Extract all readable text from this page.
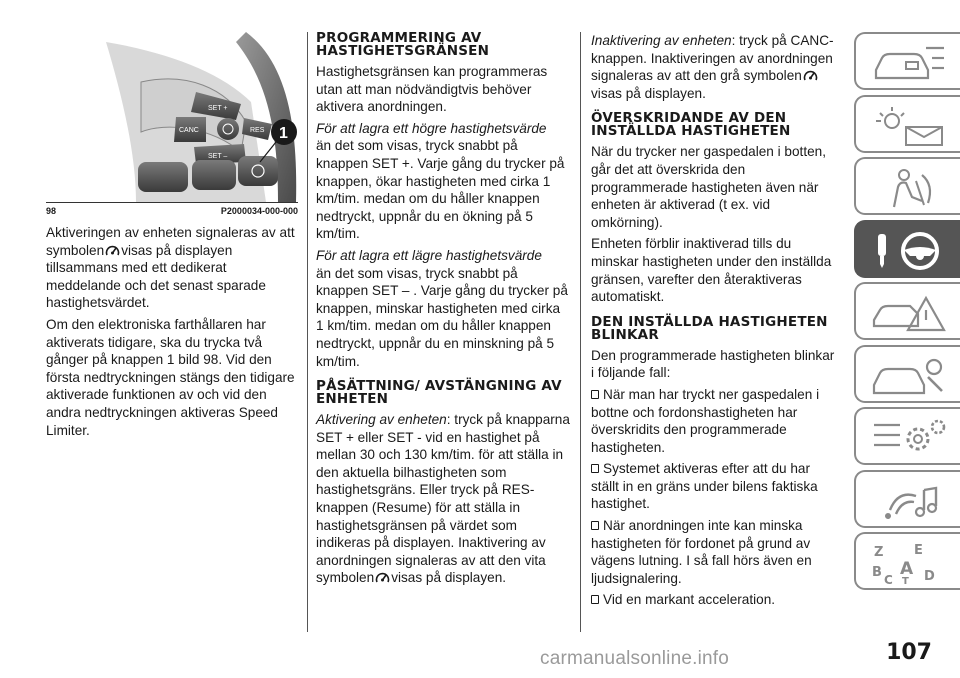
SET +
CANC	RES
SET –
1
98	P2000034-000-000

Aktiveringen av enheten signaleras av att symbolen visas på displayen tillsammans med ett dedikerat meddelande och det senast sparade hastighetsvärdet.

Om den elektroniska farthållaren har aktiverats tidigare, ska du trycka två gånger på knappen 1 bild 98. Vid den första nedtryckningen stängs den tidigare aktiverade funktionen av och vid den andra nedtryckningen aktiveras Speed Limiter.

PROGRAMMERING AV HASTIGHETSGRÄNSEN

Hastighetsgränsen kan programmeras utan att man nödvändigtvis behöver aktivera anordningen.

För att lagra ett högre hastighetsvärde

än det som visas, tryck snabbt på knappen SET +. Varje gång du trycker på knappen, ökar hastigheten med cirka 1 km/tim. medan om du håller knappen nedtryckt, uppnår du en ökning på 5 km/tim.

För att lagra ett lägre hastighetsvärde

än det som visas, tryck snabbt på knappen SET – . Varje gång du trycker på knappen, minskar hastigheten med cirka 1 km/tim. medan om du håller knappen nedtryckt, uppnår du en minskning på 5 km/tim.

PÅSÄTTNING/ AVSTÄNGNING AV ENHETEN

Aktivering av enheten: tryck på knapparna SET + eller SET - vid en hastighet på mellan 30 och 130 km/tim. för att ställa in den aktuella bilhastigheten som hastighetsgräns. Eller tryck på RES-knappen (Resume) för att ställa in hastighetsgränsen på värdet som indikeras på displayen. Inaktivering av anordningen signaleras av att den vita symbolen visas på displayen.

Inaktivering av enheten: tryck på CANC-knappen. Inaktiveringen av anordningen signaleras av att den grå symbolenvisas på displayen.

ÖVERSKRIDANDE AV DEN INSTÄLLDA HASTIGHETEN

När du trycker ner gaspedalen i botten, går det att överskrida den programmerade hastigheten även när enheten är aktiverad (t ex. vid omkörning).

Enheten förblir inaktiverad tills du minskar hastigheten under den inställda gränsen, varefter den återaktiveras automatiskt.

DEN INSTÄLLDA HASTIGHETEN BLINKAR

Den programmerade hastigheten blinkar i följande fall:

När man har tryckt ner gaspedalen i bottne och fordonshastigheten har överskridits den programmerade hastigheten.

Systemet aktiveras efter att du har ställt in en gräns under bilens faktiska hastighet.

När anordningen inte kan minska hastigheten för fordonet på grund av vägens lutning. I så fall hörs även en ljudsignalering.

Vid en markant acceleration.

Z E
B A
C T D
107
carmanualsonline.info
